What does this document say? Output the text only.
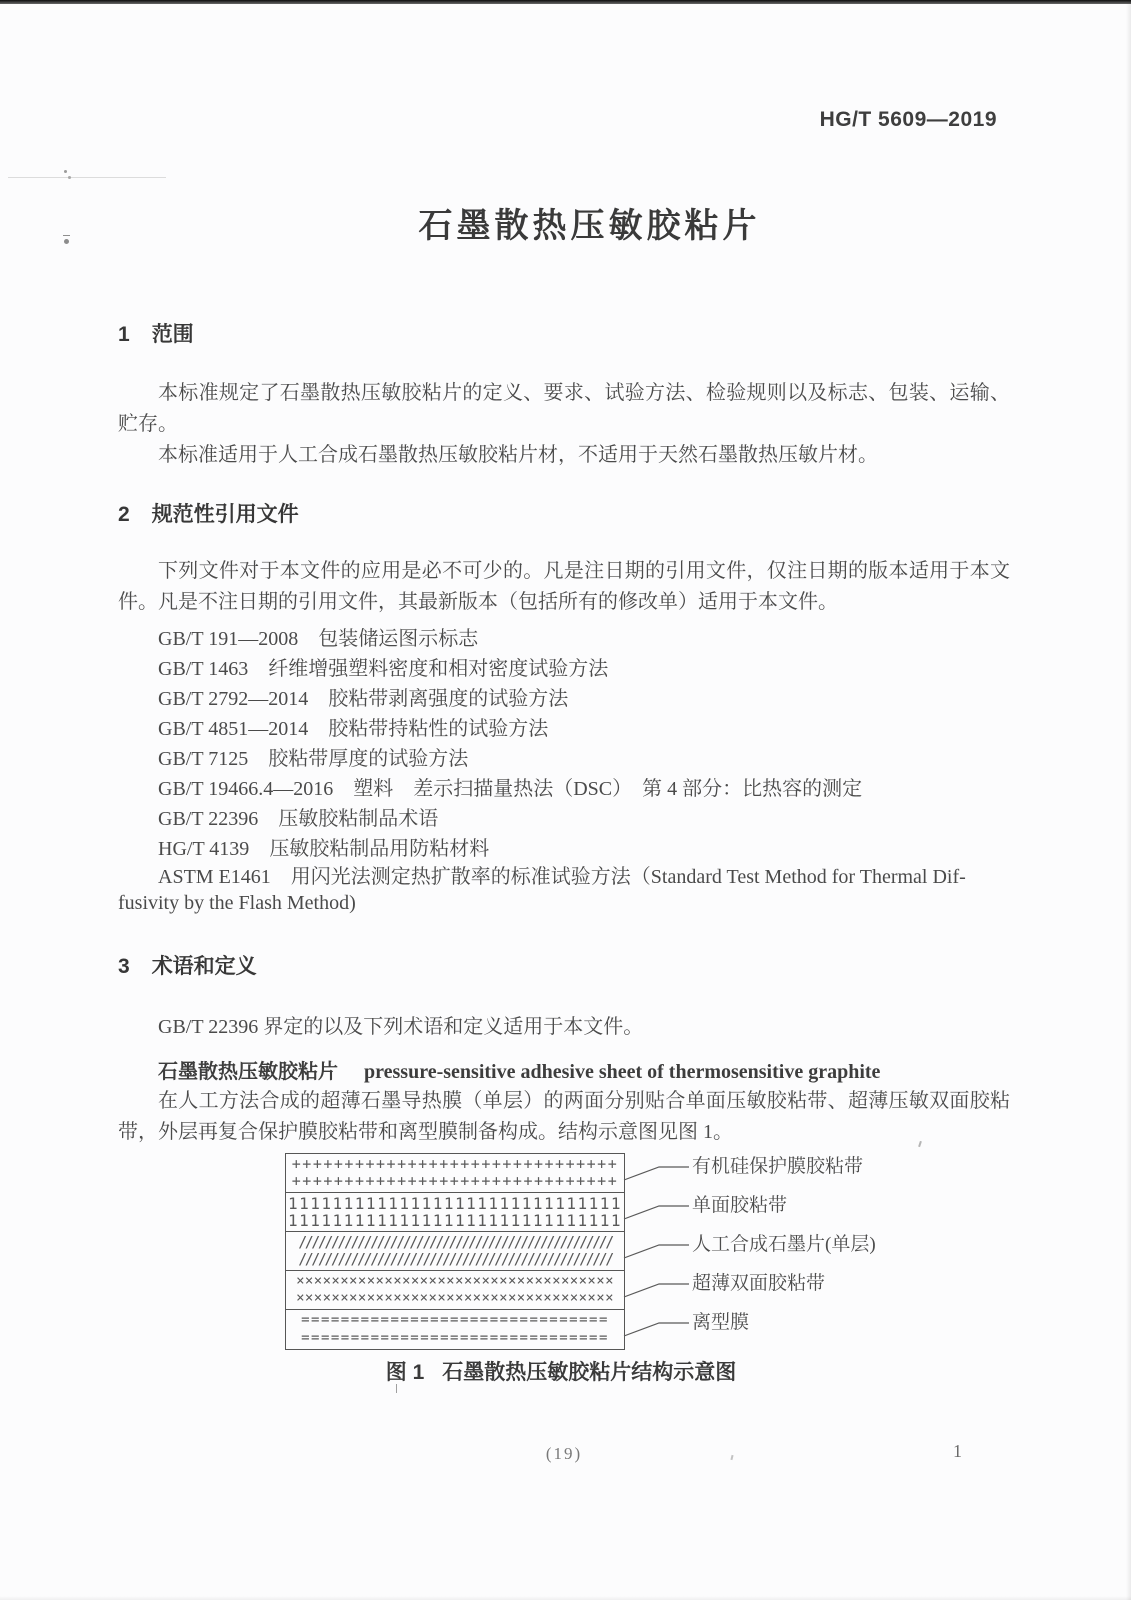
HG/T 5609—2019
石墨散热压敏胶粘片
1 范围
本标准规定了石墨散热压敏胶粘片的定义、要求、试验方法、检验规则以及标志、包装、运输、贮存。
本标准适用于人工合成石墨散热压敏胶粘片材，不适用于天然石墨散热压敏片材。
2 规范性引用文件
下列文件对于本文件的应用是必不可少的。凡是注日期的引用文件，仅注日期的版本适用于本文件。凡是不注日期的引用文件，其最新版本（包括所有的修改单）适用于本文件。
GB/T 191—2008 包装储运图示标志
GB/T 1463 纤维增强塑料密度和相对密度试验方法
GB/T 2792—2014 胶粘带剥离强度的试验方法
GB/T 4851—2014 胶粘带持粘性的试验方法
GB/T 7125 胶粘带厚度的试验方法
GB/T 19466.4—2016 塑料　差示扫描量热法（DSC）　第 4 部分：比热容的测定
GB/T 22396 压敏胶粘制品术语
HG/T 4139 压敏胶粘制品用防粘材料
ASTM E1461　用闪光法测定热扩散率的标准试验方法（Standard Test Method for Thermal Dif-
fusivity by the Flash Method)
3 术语和定义
GB/T 22396 界定的以及下列术语和定义适用于本文件。
石墨散热压敏胶粘片 pressure-sensitive adhesive sheet of thermosensitive graphite
在人工方法合成的超薄石墨导热膜（单层）的两面分别贴合单面压敏胶粘带、超薄压敏双面胶粘带，外层再复合保护膜胶粘带和离型膜制备构成。结构示意图见图 1。
+++++++++++++++++++++++++++++++
+++++++++++++++++++++++++++++++
111111111111111111111111111111
111111111111111111111111111111
////////////////////////////////////////////////
////////////////////////////////////////////////
××××××××××××××××××××××××××××××××××××
××××××××××××××××××××××××××××××××××××
===============================
===============================
有机硅保护膜胶粘带
单面胶粘带
人工合成石墨片(单层)
超薄双面胶粘带
离型膜
图 1 石墨散热压敏胶粘片结构示意图
(19)	1
